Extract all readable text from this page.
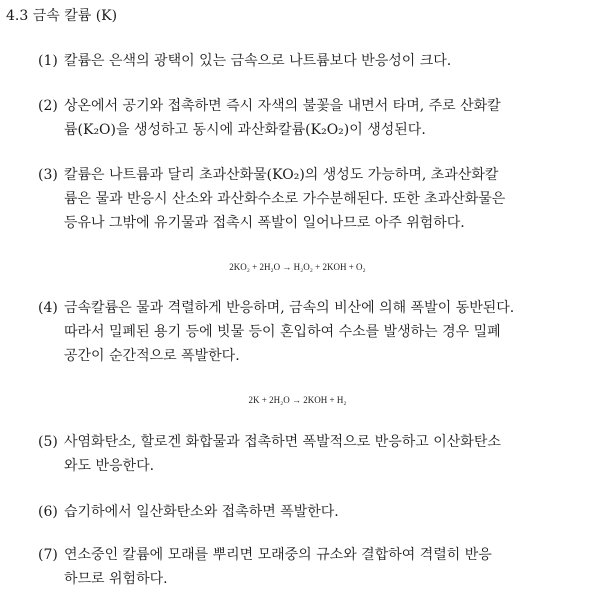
4.3 금속 칼륨 (K)
(1) 칼륨은 은색의 광택이 있는 금속으로 나트륨보다 반응성이 크다.
(2) 상온에서 공기와 접촉하면 즉시 자색의 불꽃을 내면서 타며, 주로 산화칼
륨(K₂O)을 생성하고 동시에 과산화칼륨(K₂O₂)이 생성된다.
(3) 칼륨은 나트륨과 달리 초과산화물(KO₂)의 생성도 가능하며, 초과산화칼
륨은 물과 반응시 산소와 과산화수소로 가수분해된다. 또한 초과산화물은
등유나 그밖에 유기물과 접촉시 폭발이 일어나므로 아주 위험하다.
2KO₂ + 2H₂O → H₂O₂ + 2KOH + O₂
(4) 금속칼륨은 물과 격렬하게 반응하며, 금속의 비산에 의해 폭발이 동반된다.
따라서 밀폐된 용기 등에 빗물 등이 혼입하여 수소를 발생하는 경우 밀폐
공간이 순간적으로 폭발한다.
2K + 2H₂O → 2KOH + H₂
(5) 사염화탄소, 할로겐 화합물과 접촉하면 폭발적으로 반응하고 이산화탄소
와도 반응한다.
(6) 습기하에서 일산화탄소와 접촉하면 폭발한다.
(7) 연소중인 칼륨에 모래를 뿌리면 모래중의 규소와 결합하여 격렬히 반응
하므로 위험하다.
